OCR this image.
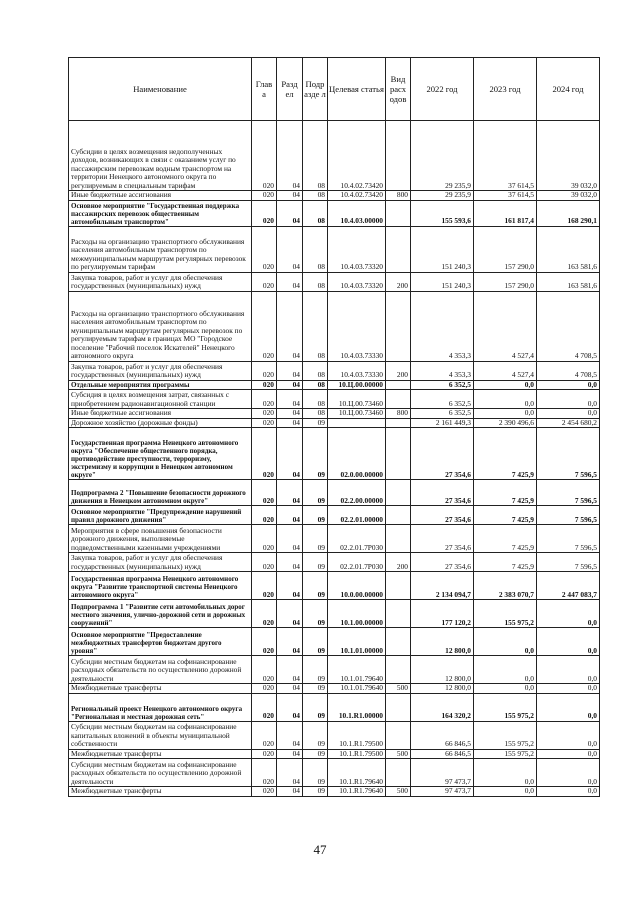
Наименование	Глав а	Разд ел	Подр азде л	Целевая статья	Вид расх одов	2022 год	2023 год	2024 год
Субсидии в целях возмещения недополученных доходов, возникающих в связи с оказанием услуг по пассажирским перевозкам водным транспортом на территории Ненецкого автономного округа по регулируемым в специальным тарифам	020	04	08	10.4.02.73420		29 235,9	37 614,5	39 032,0
Иные бюджетные ассигнования	020	04	08	10.4.02.73420	800	29 235,9	37 614,5	39 032,0
Основное мероприятие "Государственная поддержка пассажирских перевозок общественным автомобильным транспортом"	020	04	08	10.4.03.00000		155 593,6	161 817,4	168 290,1
Расходы на организацию транспортного обслуживания населения автомобильным транспортом по межмуниципальным маршрутам регулярных перевозок по регулируемым тарифам	020	04	08	10.4.03.73320		151 240,3	157 290,0	163 581,6
Закупка товаров, работ и услуг для обеспечения государственных (муниципальных) нужд	020	04	08	10.4.03.73320	200	151 240,3	157 290,0	163 581,6
Расходы на организацию транспортного обслуживания населения автомобильным транспортом по муниципальным маршрутам регулярных перевозок по регулируемым тарифам в границах МО "Городское поселение "Рабочий поселок Искателей" Ненецкого автономного округа	020	04	08	10.4.03.73330		4 353,3	4 527,4	4 708,5
Закупка товаров, работ и услуг для обеспечения государственных (муниципальных) нужд	020	04	08	10.4.03.73330	200	4 353,3	4 527,4	4 708,5
Отдельные мероприятия программы	020	04	08	10.Ц.00.00000		6 352,5	0,0	0,0
Субсидия в целях возмещения затрат, связанных с приобретением радионавигационной станции	020	04	08	10.Ц.00.73460		6 352,5	0,0	0,0
Иные бюджетные ассигнования	020	04	08	10.Ц.00.73460	800	6 352,5	0,0	0,0
Дорожное хозяйство (дорожные фонды)	020	04	09			2 161 449,3	2 390 496,6	2 454 680,2
Государственная программа Ненецкого автономного округа "Обеспечение общественного порядка, противодействие преступности, терроризму, экстремизму и коррупции в Ненецком автономном округе"	020	04	09	02.0.00.00000		27 354,6	7 425,9	7 596,5
Подпрограмма 2 "Повышение безопасности дорожного движения в Ненецком автономном округе"	020	04	09	02.2.00.00000		27 354,6	7 425,9	7 596,5
Основное мероприятие "Предупреждение нарушений правил дорожного движения"	020	04	09	02.2.01.00000		27 354,6	7 425,9	7 596,5
Мероприятия в сфере повышения безопасности дорожного движения, выполняемые подведомственными казенными учреждениями	020	04	09	02.2.01.7Р030		27 354,6	7 425,9	7 596,5
Закупка товаров, работ и услуг для обеспечения государственных (муниципальных) нужд	020	04	09	02.2.01.7Р030	200	27 354,6	7 425,9	7 596,5
Государственная программа Ненецкого автономного округа "Развитие транспортной системы Ненецкого автономного округа"	020	04	09	10.0.00.00000		2 134 094,7	2 383 070,7	2 447 083,7
Подпрограмма 1 "Развитие сети автомобильных дорог местного значения, улично-дорожной сети и дорожных сооружений"	020	04	09	10.1.00.00000		177 120,2	155 975,2	0,0
Основное мероприятие "Предоставление межбюджетных трансфертов бюджетам другого уровня"	020	04	09	10.1.01.00000		12 800,0	0,0	0,0
Субсидии местным бюджетам на софинансирование расходных обязательств по осуществлению дорожной деятельности	020	04	09	10.1.01.79640		12 800,0	0,0	0,0
Межбюджетные трансферты	020	04	09	10.1.01.79640	500	12 800,0	0,0	0,0
Региональный проект Ненецкого автономного округа "Региональная и местная дорожная сеть"	020	04	09	10.1.R1.00000		164 320,2	155 975,2	0,0
Субсидии местным бюджетам на софинансирование капитальных вложений в объекты муниципальной собственности	020	04	09	10.1.R1.79500		66 846,5	155 975,2	0,0
Межбюджетные трансферты	020	04	09	10.1.R1.79500	500	66 846,5	155 975,2	0,0
Субсидии местным бюджетам на софинансирование расходных обязательств по осуществлению дорожной деятельности	020	04	09	10.1.R1.79640		97 473,7	0,0	0,0
Межбюджетные трансферты	020	04	09	10.1.R1.79640	500	97 473,7	0,0	0,0
47
